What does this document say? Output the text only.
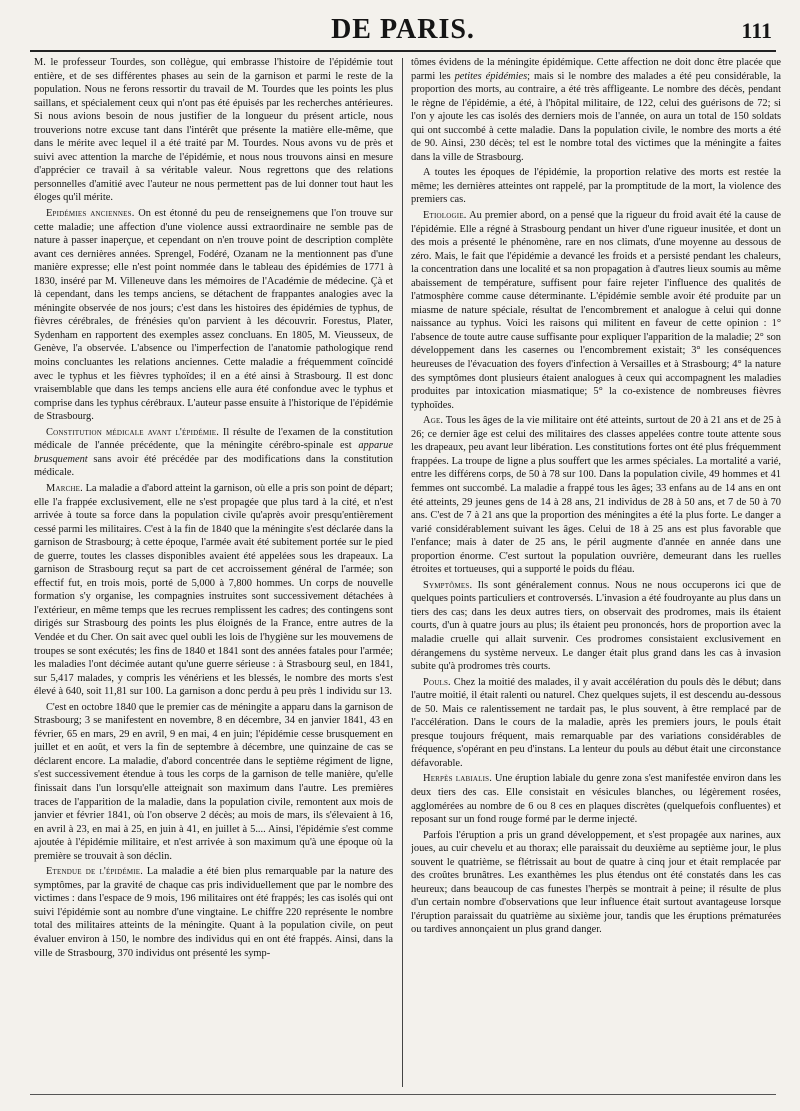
DE PARIS.	111

M. le professeur Tourdes, son collègue, qui embrasse l'histoire de l'épidémie tout entière, et de ses différentes phases au sein de la garnison et parmi le reste de la population. Nous ne ferons ressortir du travail de M. Tourdes que les points les plus saillans, et spécialement ceux qui n'ont pas été épuisés par les recherches antérieures. Si nous avions besoin de nous justifier de la longueur du présent article, nous trouverions notre excuse tant dans l'intérêt que présente la matière elle-même, que dans le mérite avec lequel il a été traité par M. Tourdes. Nous avons vu de près et suivi avec attention la marche de l'épidémie, et nous nous trouvons ainsi en mesure d'apprécier ce travail à sa véritable valeur. Nous regrettons que des relations personnelles d'amitié avec l'auteur ne nous permettent pas de lui donner tout haut les éloges qu'il mérite.

Epidémies anciennes. On est étonné du peu de renseignemens que l'on trouve sur cette maladie; une affection d'une violence aussi extraordinaire ne semble pas de nature à passer inaperçue, et cependant on n'en trouve point de description complète avant ces dernières années. Sprengel, Fodéré, Ozanam ne la mentionnent pas d'une manière expresse; elle n'est point nommée dans le tableau des épidémies de 1771 à 1830, inséré par M. Villeneuve dans les mémoires de l'Académie de médecine. Çà et là cependant, dans les temps anciens, se détachent de frappantes analogies avec la méningite observée de nos jours; c'est dans les histoires des épidémies de typhus, de fièvres cérébrales, de frénésies qu'on parvient à les découvrir. Forestus, Plater, Sydenham en rapportent des exemples assez concluans. En 1805, M. Vieusseux, de Genève, l'a observée. L'absence ou l'imperfection de l'anatomie pathologique rend moins concluantes les relations anciennes. Cette maladie a fréquemment coïncidé avec le typhus et les fièvres typhoïdes; il en a été ainsi à Strasbourg. Il est donc vraisemblable que dans les temps anciens elle aura été confondue avec le typhus et comprise dans les typhus cérébraux. L'auteur passe ensuite à l'historique de l'épidémie de Strasbourg.

Constitution médicale avant l'épidémie. Il résulte de l'examen de la constitution médicale de l'année précédente, que la méningite cérébro-spinale est apparue brusquement sans avoir été précédée par des modifications dans la constitution médicale.

Marche. La maladie a d'abord atteint la garnison, où elle a pris son point de départ; elle l'a frappée exclusivement, elle ne s'est propagée que plus tard à la cité, et n'est arrivée à toute sa force dans la population civile qu'après avoir presqu'entièrement cessé parmi les militaires. C'est à la fin de 1840 que la méningite s'est déclarée dans la garnison de Strasbourg; à cette époque, l'armée avait été subitement portée sur le pied de guerre, toutes les classes disponibles avaient été appelées sous les drapeaux. La garnison de Strasbourg reçut sa part de cet accroissement général de l'armée; son effectif fut, en trois mois, porté de 5,000 à 7,800 hommes. Un corps de nouvelle formation s'y organise, les compagnies instruites sont successivement détachées à l'extérieur, en même temps que les recrues remplissent les cadres; des contingens sont dirigés sur Strasbourg des points les plus éloignés de la France, entre autres de la Vendée et du Cher. On sait avec quel oubli les lois de l'hygiène sur les mouvemens de troupes se sont exécutés; les fins de 1840 et 1841 sont des années fatales pour l'armée; les maladies l'ont décimée autant qu'une guerre sérieuse : à Strasbourg seul, en 1841, sur 5,417 malades, y compris les vénériens et les blessés, le nombre des morts s'est élevé à 640, soit 11,81 sur 100. La garnison a donc perdu à peu près 1 individu sur 13.

C'est en octobre 1840 que le premier cas de méningite a apparu dans la garnison de Strasbourg; 3 se manifestent en novembre, 8 en décembre, 34 en janvier 1841, 43 en février, 65 en mars, 29 en avril, 9 en mai, 4 en juin; l'épidémie cesse brusquement en juillet et en août, et vers la fin de septembre à décembre, une quinzaine de cas se déclarent encore. La maladie, d'abord concentrée dans le septième régiment de ligne, s'est successivement étendue à tous les corps de la garnison de telle manière, qu'elle finissait dans l'un lorsqu'elle atteignait son maximum dans l'autre. Les premières traces de l'apparition de la maladie, dans la population civile, remontent aux mois de janvier et février 1841, où l'on observe 2 décès; au mois de mars, ils s'élevaient à 16, en avril à 23, en mai à 25, en juin à 41, en juillet à 5.... Ainsi, l'épidémie s'est comme ajoutée à l'épidémie militaire, et n'est arrivée à son maximum qu'à une époque où la première se trouvait à son déclin.

Etendue de l'épidémie. La maladie a été bien plus remarquable par la nature des symptômes, par la gravité de chaque cas pris individuellement que par le nombre des victimes : dans l'espace de 9 mois, 196 militaires ont été frappés; les cas isolés qui ont suivi l'épidémie sont au nombre d'une vingtaine. Le chiffre 220 représente le nombre total des militaires atteints de la méningite. Quant à la population civile, on peut évaluer environ à 150, le nombre des individus qui en ont été frappés. Ainsi, dans la ville de Strasbourg, 370 individus ont présenté les symp-

tômes évidens de la méningite épidémique. Cette affection ne doit donc être placée que parmi les petites épidémies; mais si le nombre des malades a été peu considérable, la proportion des morts, au contraire, a été très affligeante. Le nombre des décès, pendant le règne de l'épidémie, a été, à l'hôpital militaire, de 122, celui des guérisons de 72; si l'on y ajoute les cas isolés des derniers mois de l'année, on aura un total de 150 soldats qui ont succombé à cette maladie. Dans la population civile, le nombre des morts a été de 90. Ainsi, 230 décès; tel est le nombre total des victimes que la méningite a faites dans la ville de Strasbourg.

A toutes les époques de l'épidémie, la proportion relative des morts est restée la même; les dernières atteintes ont rappelé, par la promptitude de la mort, la violence des premiers cas.

Etiologie. Au premier abord, on a pensé que la rigueur du froid avait été la cause de l'épidémie. Elle a régné à Strasbourg pendant un hiver d'une rigueur inusitée, et dont un des mois a présenté le phénomène, rare en nos climats, d'une moyenne au dessous de zéro. Mais, le fait que l'épidémie a devancé les froids et a persisté pendant les chaleurs, la concentration dans une localité et sa non propagation à d'autres lieux soumis au même abaissement de température, suffisent pour faire rejeter l'influence des qualités de l'atmosphère comme cause déterminante. L'épidémie semble avoir été produite par un miasme de nature spéciale, résultat de l'encombrement et analogue à celui qui donne naissance au typhus. Voici les raisons qui militent en faveur de cette opinion : 1° l'absence de toute autre cause suffisante pour expliquer l'apparition de la maladie; 2° son développement dans les casernes ou l'encombrement existait; 3° les conséquences heureuses de l'évacuation des foyers d'infection à Versailles et à Strasbourg; 4° la nature des symptômes dont plusieurs étaient analogues à ceux qui accompagnent les maladies produites par intoxication miasmatique; 5° la co-existence de nombreuses fièvres typhoïdes.

Age. Tous les âges de la vie militaire ont été atteints, surtout de 20 à 21 ans et de 25 à 26; ce dernier âge est celui des militaires des classes appelées contre toute attente sous les drapeaux, peu avant leur libération. Les constitutions fortes ont été plus fréquemment frappées. La troupe de ligne a plus souffert que les armes spéciales. La mortalité a varié, entre les différens corps, de 50 à 78 sur 100. Dans la population civile, 49 hommes et 41 femmes ont succombé. La maladie a frappé tous les âges; 33 enfans au de 14 ans en ont été atteints, 29 jeunes gens de 14 à 28 ans, 21 individus de 28 à 50 ans, et 7 de 50 à 70 ans. C'est de 7 à 21 ans que la proportion des méningites a été la plus forte. Le danger a varié considérablement suivant les âges. Celui de 18 à 25 ans est plus favorable que l'enfance; mais à dater de 25 ans, le péril augmente d'année en année dans une proportion énorme. C'est surtout la population ouvrière, demeurant dans les ruelles étroites et tortueuses, qui a supporté le poids du fléau.

Symptômes. Ils sont généralement connus. Nous ne nous occuperons ici que de quelques points particuliers et controversés. L'invasion a été foudroyante au plus dans un tiers des cas; dans les deux autres tiers, on observait des prodromes, mais ils étaient courts, d'un à quatre jours au plus; ils étaient peu prononcés, hors de proportion avec la maladie cruelle qui allait survenir. Ces prodromes consistaient exclusivement en dérangemens du système nerveux. Le danger était plus grand dans les cas à invasion subite qu'à prodromes très courts.

Pouls. Chez la moitié des malades, il y avait accélération du pouls dès le début; dans l'autre moitié, il était ralenti ou naturel. Chez quelques sujets, il est descendu au-dessous de 50. Mais ce ralentissement ne tardait pas, le plus souvent, à être remplacé par de l'accélération. Dans le cours de la maladie, après les premiers jours, le pouls était presque toujours fréquent, mais remarquable par des variations considérables de fréquence, s'opérant en peu d'instans. La lenteur du pouls au début était une circonstance défavorable.

Herpès labialis. Une éruption labiale du genre zona s'est manifestée environ dans les deux tiers des cas. Elle consistait en vésicules blanches, ou légèrement rosées, agglomérées au nombre de 6 ou 8 ces en plaques discrètes (quelquefois confluentes) et reposant sur un fond rouge formé par le derme injecté.

Parfois l'éruption a pris un grand développement, et s'est propagée aux narines, aux joues, au cuir chevelu et au thorax; elle paraissait du deuxième au septième jour, le plus souvent le quatrième, se flétrissait au bout de quatre à cinq jour et était remplacée par des croûtes brunâtres. Les exanthèmes les plus étendus ont été constatés dans les cas heureux; dans beaucoup de cas funestes l'herpès se montrait à peine; il résulte de plus d'un certain nombre d'observations que leur influence était surtout avantageuse lorsque l'éruption paraissait du quatrième au sixième jour, tandis que les éruptions prématurées ou tardives annonçaient un plus grand danger.
